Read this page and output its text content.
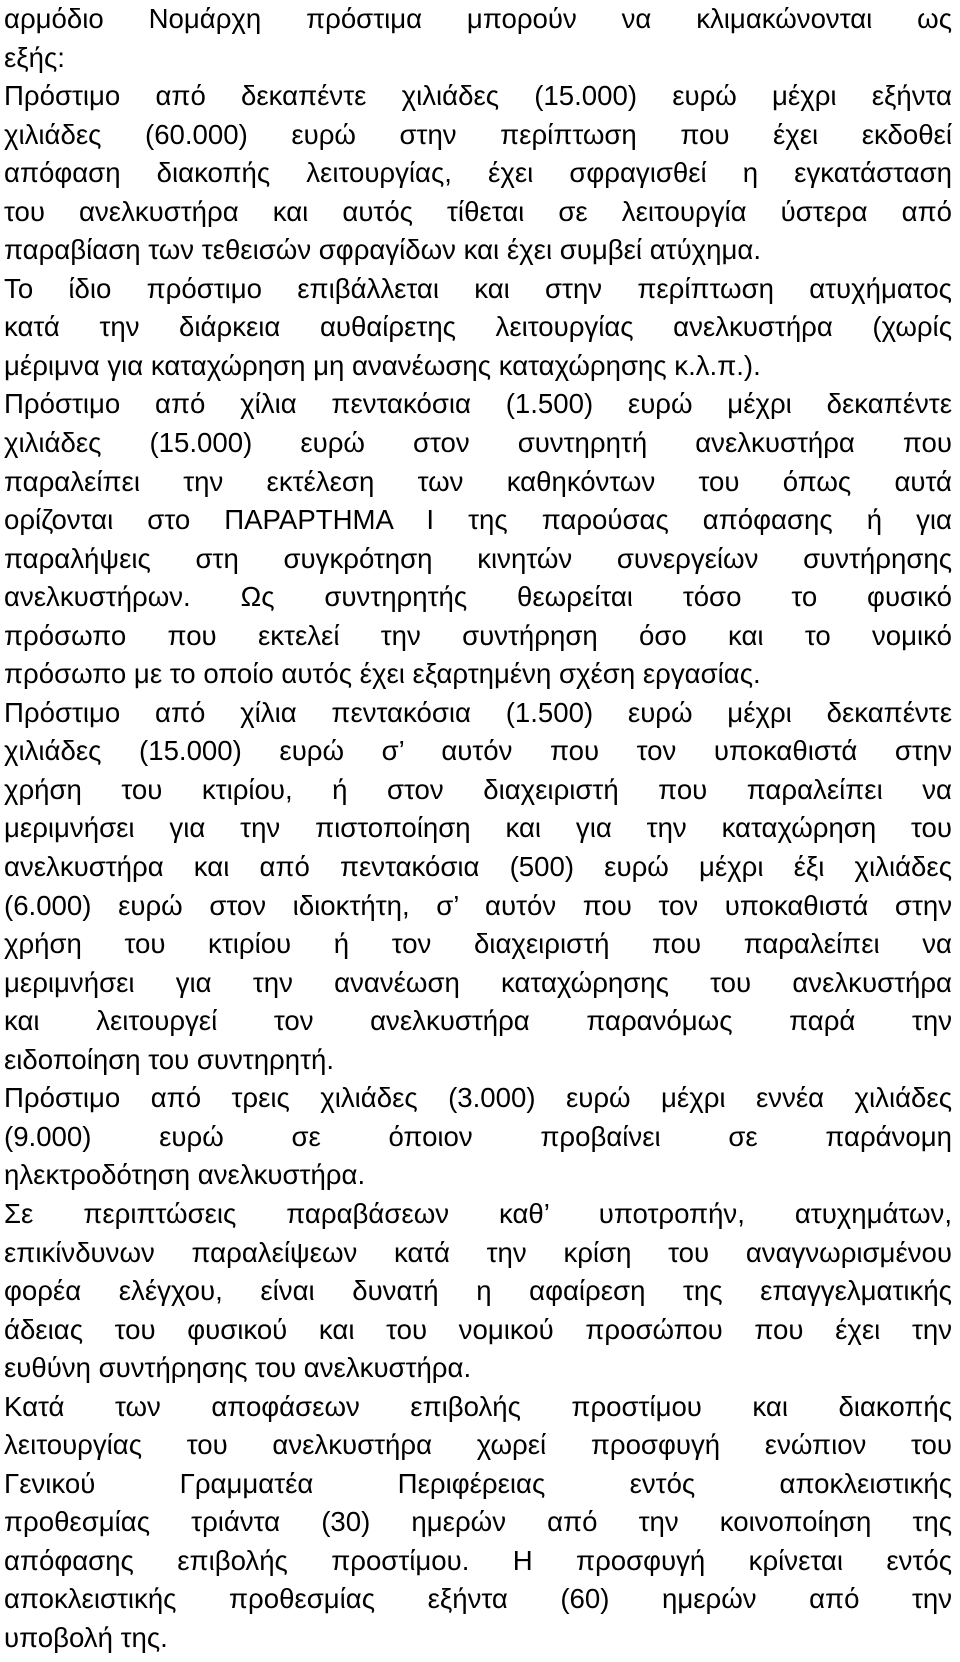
αρμόδιο Νομάρχη πρόστιμα μπορούν να κλιμακώνονται ως
εξής:
Πρόστιμο από δεκαπέντε χιλιάδες (15.000) ευρώ μέχρι εξήντα
χιλιάδες (60.000) ευρώ στην περίπτωση που έχει εκδοθεί
απόφαση διακοπής λειτουργίας, έχει σφραγισθεί η εγκατάσταση
του ανελκυστήρα και αυτός τίθεται σε λειτουργία ύστερα από
παραβίαση των τεθεισών σφραγίδων και έχει συμβεί ατύχημα.
Το ίδιο πρόστιμο επιβάλλεται και στην περίπτωση ατυχήματος
κατά την διάρκεια αυθαίρετης λειτουργίας ανελκυστήρα (χωρίς
μέριμνα για καταχώρηση μη ανανέωσης καταχώρησης κ.λ.π.).
Πρόστιμο από χίλια πεντακόσια (1.500) ευρώ μέχρι δεκαπέντε
χιλιάδες (15.000) ευρώ στον συντηρητή ανελκυστήρα που
παραλείπει την εκτέλεση των καθηκόντων του όπως αυτά
ορίζονται στο ΠΑΡΑΡΤΗΜΑ Ι της παρούσας απόφασης ή για
παραλήψεις στη συγκρότηση κινητών συνεργείων συντήρησης
ανελκυστήρων. Ως συντηρητής θεωρείται τόσο το φυσικό
πρόσωπο που εκτελεί την συντήρηση όσο και το νομικό
πρόσωπο με το οποίο αυτός έχει εξαρτημένη σχέση εργασίας.
Πρόστιμο από χίλια πεντακόσια (1.500) ευρώ μέχρι δεκαπέντε
χιλιάδες (15.000) ευρώ σ’ αυτόν που τον υποκαθιστά στην
χρήση του κτιρίου, ή στον διαχειριστή που παραλείπει να
μεριμνήσει για την πιστοποίηση και για την καταχώρηση του
ανελκυστήρα και από πεντακόσια (500) ευρώ μέχρι έξι χιλιάδες
(6.000) ευρώ στον ιδιοκτήτη, σ’ αυτόν που τον υποκαθιστά στην
χρήση του κτιρίου ή τον διαχειριστή που παραλείπει να
μεριμνήσει για την ανανέωση καταχώρησης του ανελκυστήρα
και λειτουργεί τον ανελκυστήρα παρανόμως παρά την
ειδοποίηση του συντηρητή.
Πρόστιμο από τρεις χιλιάδες (3.000) ευρώ μέχρι εννέα χιλιάδες
(9.000) ευρώ σε όποιον προβαίνει σε παράνομη
ηλεκτροδότηση ανελκυστήρα.
Σε περιπτώσεις παραβάσεων καθ’ υποτροπήν, ατυχημάτων,
επικίνδυνων παραλείψεων κατά την κρίση του αναγνωρισμένου
φορέα ελέγχου, είναι δυνατή η αφαίρεση της επαγγελματικής
άδειας του φυσικού και του νομικού προσώπου που έχει την
ευθύνη συντήρησης του ανελκυστήρα.
Κατά των αποφάσεων επιβολής προστίμου και διακοπής
λειτουργίας του ανελκυστήρα χωρεί προσφυγή ενώπιον του
Γενικού Γραμματέα Περιφέρειας εντός αποκλειστικής
προθεσμίας τριάντα (30) ημερών από την κοινοποίηση της
απόφασης επιβολής προστίμου. Η προσφυγή κρίνεται εντός
αποκλειστικής προθεσμίας εξήντα (60) ημερών από την
υποβολή της.
